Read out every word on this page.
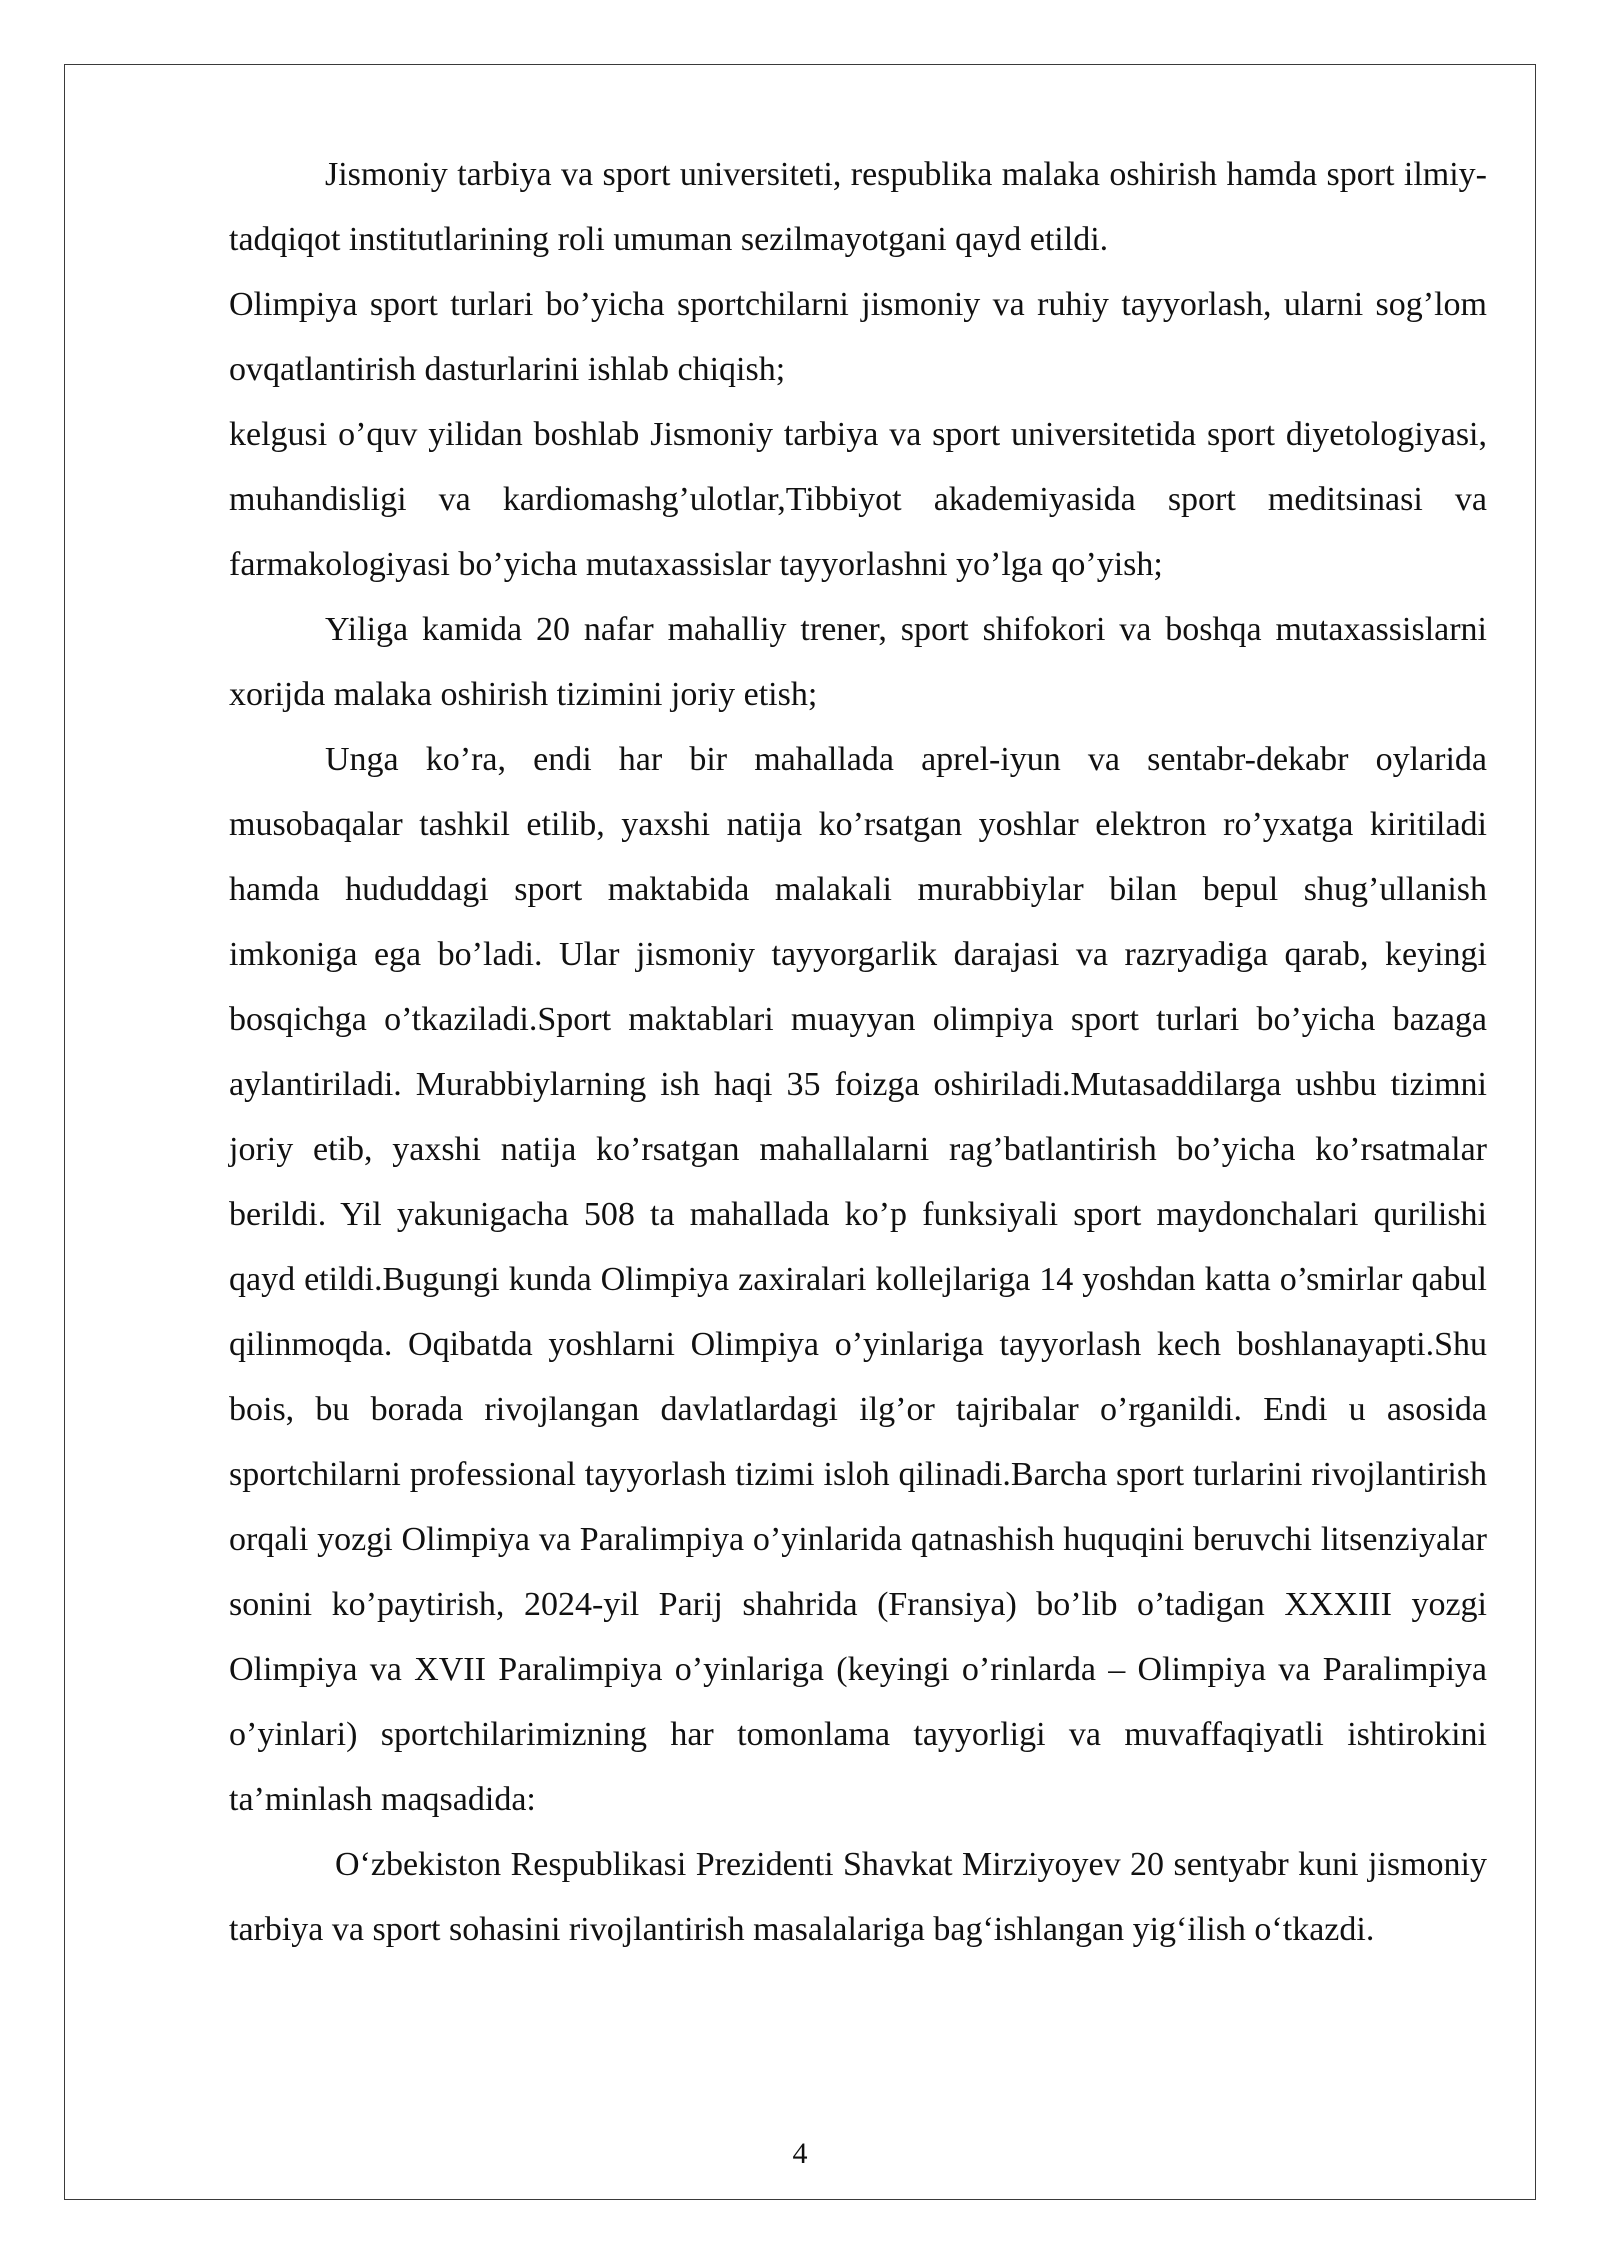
Jismoniy tarbiya va sport universiteti, respublika malaka oshirish hamda sport ilmiy-tadqiqot institutlarining roli umuman sezilmayotgani qayd etildi.

Olimpiya sport turlari bo’yicha sportchilarni jismoniy va ruhiy tayyorlash, ularni sog’lom ovqatlantirish dasturlarini ishlab chiqish;

kelgusi o’quv yilidan boshlab Jismoniy tarbiya va sport universitetida sport diyetologiyasi, muhandisligi va kardiomashg’ulotlar,Tibbiyot akademiyasida sport meditsinasi va farmakologiyasi bo’yicha mutaxassislar tayyorlashni yo’lga qo’yish;

Yiliga kamida 20 nafar mahalliy trener, sport shifokori va boshqa mutaxassislarni xorijda malaka oshirish tizimini joriy etish;

Unga ko’ra, endi har bir mahallada aprel-iyun va sentabr-dekabr oylarida musobaqalar tashkil etilib, yaxshi natija ko’rsatgan yoshlar elektron ro’yxatga kiritiladi hamda hududdagi sport maktabida malakali murabbiylar bilan bepul shug’ullanish imkoniga ega bo’ladi. Ular jismoniy tayyorgarlik darajasi va razryadiga qarab, keyingi bosqichga o’tkaziladi.Sport maktablari muayyan olimpiya sport turlari bo’yicha bazaga aylantiriladi. Murabbiylarning ish haqi 35 foizga oshiriladi.Mutasaddilarga ushbu tizimni joriy etib, yaxshi natija ko’rsatgan mahallalarni rag’batlantirish bo’yicha ko’rsatmalar berildi. Yil yakunigacha 508 ta mahallada ko’p funksiyali sport maydonchalari qurilishi qayd etildi.Bugungi kunda Olimpiya zaxiralari kollejlariga 14 yoshdan katta o’smirlar qabul qilinmoqda. Oqibatda yoshlarni Olimpiya o’yinlariga tayyorlash kech boshlanayapti.Shu bois, bu borada rivojlangan davlatlardagi ilg’or tajribalar o’rganildi. Endi u asosida sportchilarni professional tayyorlash tizimi isloh qilinadi.Barcha sport turlarini rivojlantirish orqali yozgi Olimpiya va Paralimpiya o’yinlarida qatnashish huquqini beruvchi litsenziyalar sonini ko’paytirish, 2024-yil Parij shahrida (Fransiya) bo’lib o’tadigan XXXIII yozgi Olimpiya va XVII Paralimpiya o’yinlariga (keyingi o’rinlarda – Olimpiya va Paralimpiya o’yinlari) sportchilarimizning har tomonlama tayyorligi va muvaffaqiyatli ishtirokini ta’minlash maqsadida:

O‘zbekiston Respublikasi Prezidenti Shavkat Mirziyoyev 20 sentyabr kuni jismoniy tarbiya va sport sohasini rivojlantirish masalalariga bag‘ishlangan yig‘ilish o‘tkazdi.

4
